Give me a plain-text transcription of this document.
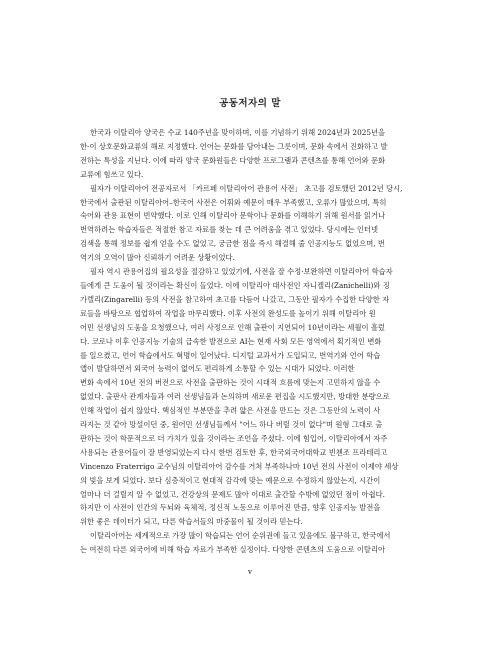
공동저자의 말

한국과 이탈리아 양국은 수교 140주년을 맞이하며, 이를 기념하기 위해 2024년과 2025년을
한-이 상호문화교류의 해로 지정했다. 언어는 문화를 담아내는 그릇이며, 문화 속에서 진화하고 발
전하는 특성을 지닌다. 이에 따라 양국 문화원들은 다양한 프로그램과 콘텐츠를 통해 언어와 문화
교류에 힘쓰고 있다.

필자가 이탈리아어 전공자로서 「카르페 이탈리아어 관용어 사전」 초고를 검토했던 2012년 당시,
한국에서 출판된 이탈리아어–한국어 사전은 어휘와 예문이 매우 부족했고, 오류가 많았으며, 특히
숙어와 관용 표현이 빈약했다. 이로 인해 이탈리아 문학이나 문화를 이해하기 위해 원서를 읽거나
번역하려는 학습자들은 적절한 참고 자료를 찾는 데 큰 어려움을 겪고 있었다. 당시에는 인터넷
검색을 통해 정보를 쉽게 얻을 수도 없었고, 궁금한 점을 즉시 해결해 줄 인공지능도 없었으며, 번
역기의 오역이 많아 신뢰하기 어려운 상황이었다.

필자 역시 관용어집의 필요성을 절감하고 있었기에, 사전을 잘 수정·보완하면 이탈리아어 학습자
들에게 큰 도움이 될 것이라는 확신이 들었다. 이에 이탈리아 대사전인 자니켈리(Zanichelli)와 징
가렐리(Zingarelli) 등의 사전을 참고하여 초고를 다듬어 나갔고, 그동안 필자가 수집한 다양한 자
료들을 바탕으로 협업하여 작업을 마무리했다. 이후 사전의 완성도를 높이기 위해 이탈리아 원
어민 선생님의 도움을 요청했으나, 여러 사정으로 인해 출판이 지연되어 10년이라는 세월이 흘렀
다. 코로나 이후 인공지능 기술의 급속한 발전으로 AI는 현재 사회 모든 영역에서 획기적인 변화
를 일으켰고, 언어 학습에서도 혁명이 일어났다. 디지털 교과서가 도입되고, 번역기와 언어 학습
앱이 발달하면서 외국어 능력이 없어도 편리하게 소통할 수 있는 시대가 되었다. 이러한
변화 속에서 10년 전의 버전으로 사전을 출판하는 것이 시대적 흐름에 맞는지 고민하지 않을 수
없었다. 출판사 관계자들과 여러 선생님들과 논의하며 새로운 편집을 시도했지만, 방대한 분량으로
인해 작업이 쉽지 않았다. 핵심적인 부분만을 추려 얇은 사전을 만드는 것은 그동안의 노력이 사
라지는 것 같아 망설이던 중, 원어민 선생님들께서 "어느 하나 버릴 것이 없다"며 원형 그대로 출
판하는 것이 학문적으로 더 가치가 있을 것이라는 조언을 주셨다. 이에 힘입어, 이탈리아에서 자주
사용되는 관용어들이 잘 반영되었는지 다시 한번 검토한 후, 한국외국어대학교 빈첸조 프라테리고
Vincenzo Fraterrigo 교수님의 이탈리아어 감수를 거쳐 부족하나마 10년 전의 사전이 이제야 세상
의 빛을 보게 되었다. 보다 심층적이고 현대적 감각에 맞는 예문으로 수정하지 않았는지, 시간이
얼마나 더 걸릴지 알 수 없었고, 건강상의 문제도 많아 이대로 출간할 수밖에 없었던 점이 아쉽다.
하지만 이 사전이 인간의 두뇌와 육체적, 정신적 노동으로 이루어진 만큼, 향후 인공지능 발전을
위한 좋은 데이터가 되고, 다른 학습서들의 마중물이 될 것이라 믿는다.

이탈리아어는 세계적으로 가장 많이 학습되는 언어 순위권에 들고 있음에도 불구하고, 한국에서
는 여전히 다른 외국어에 비해 학습 자료가 부족한 실정이다. 다양한 콘텐츠의 도움으로 이탈리아

v
